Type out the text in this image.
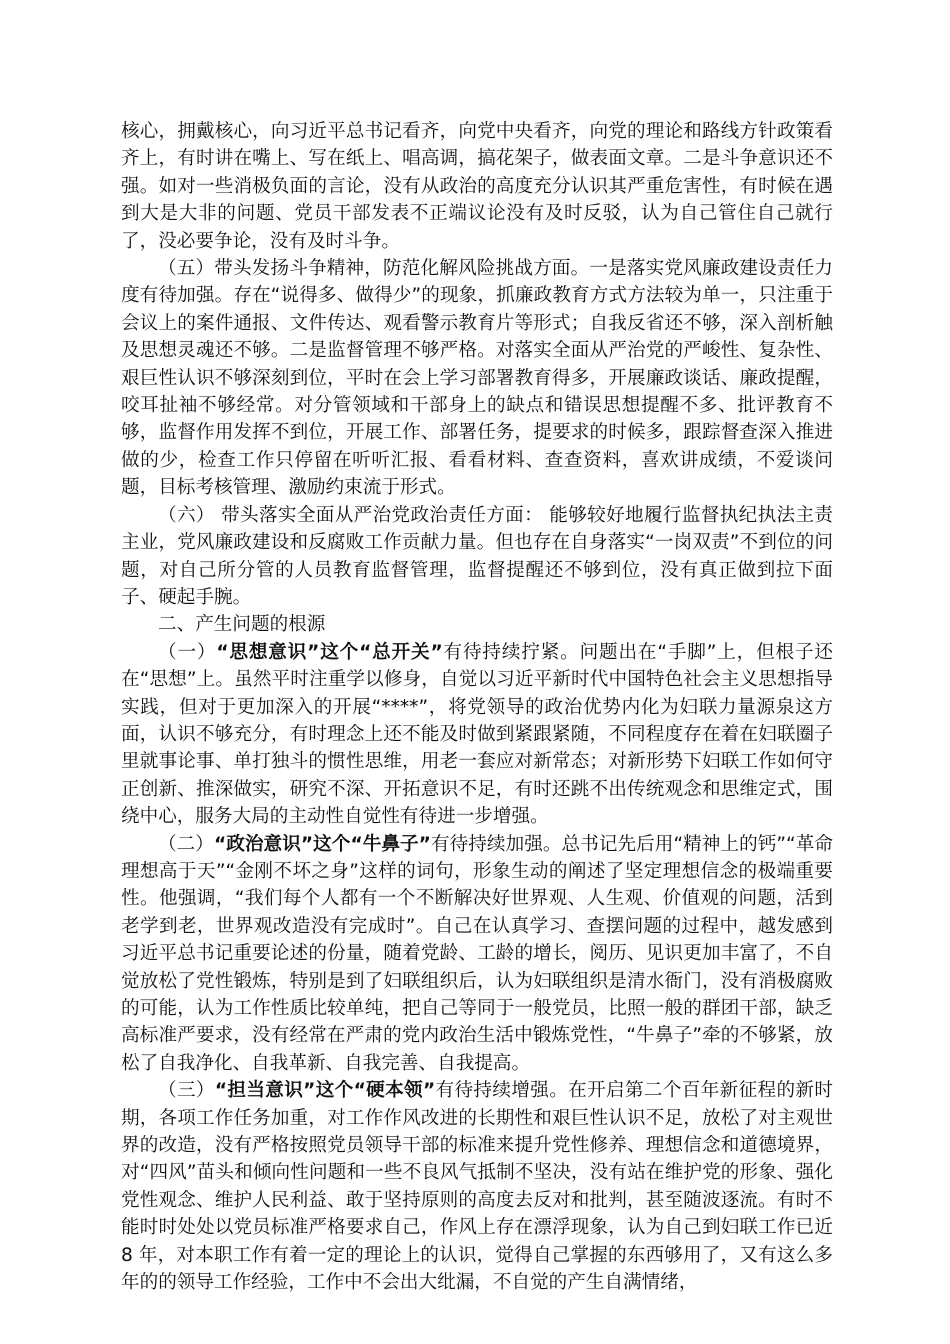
核心，拥戴核心，向习近平总书记看齐，向党中央看齐，向党的理论和路线方针政策看齐上，有时讲在嘴上、写在纸上、唱高调，搞花架子，做表面文章。二是斗争意识还不强。如对一些消极负面的言论，没有从政治的高度充分认识其严重危害性，有时候在遇到大是大非的问题、党员干部发表不正端议论没有及时反驳，认为自己管住自己就行了，没必要争论，没有及时斗争。

（五）带头发扬斗争精神，防范化解风险挑战方面。一是落实党风廉政建设责任力度有待加强。存在“说得多、做得少”的现象，抓廉政教育方式方法较为单一，只注重于会议上的案件通报、文件传达、观看警示教育片等形式；自我反省还不够，深入剖析触及思想灵魂还不够。二是监督管理不够严格。对落实全面从严治党的严峻性、复杂性、艰巨性认识不够深刻到位，平时在会上学习部署教育得多，开展廉政谈话、廉政提醒，咬耳扯袖不够经常。对分管领域和干部身上的缺点和错误思想提醒不多、批评教育不够，监督作用发挥不到位，开展工作、部署任务，提要求的时候多，跟踪督查深入推进做的少，检查工作只停留在听听汇报、看看材料、查查资料，喜欢讲成绩，不爱谈问题，目标考核管理、激励约束流于形式。

（六） 带头落实全面从严治党政治责任方面： 能够较好地履行监督执纪执法主责主业，党风廉政建设和反腐败工作贡献力量。但也存在自身落实“一岗双责”不到位的问题，对自己所分管的人员教育监督管理，监督提醒还不够到位，没有真正做到拉下面子、硬起手腕。

二、产生问题的根源

（一）“思想意识”这个“总开关”有待持续拧紧。问题出在“手脚”上，但根子还在“思想”上。虽然平时注重学以修身，自觉以习近平新时代中国特色社会主义思想指导实践，但对于更加深入的开展“****”，将党领导的政治优势内化为妇联力量源泉这方面，认识不够充分，有时理念上还不能及时做到紧跟紧随，不同程度存在着在妇联圈子里就事论事、单打独斗的惯性思维，用老一套应对新常态；对新形势下妇联工作如何守正创新、推深做实，研究不深、开拓意识不足，有时还跳不出传统观念和思维定式，围绕中心，服务大局的主动性自觉性有待进一步增强。

（二）“政治意识”这个“牛鼻子”有待持续加强。总书记先后用“精神上的钙”“革命理想高于天”“金刚不坏之身”这样的词句，形象生动的阐述了坚定理想信念的极端重要性。他强调，“我们每个人都有一个不断解决好世界观、人生观、价值观的问题，活到老学到老，世界观改造没有完成时”。自己在认真学习、查摆问题的过程中，越发感到习近平总书记重要论述的份量，随着党龄、工龄的增长，阅历、见识更加丰富了，不自觉放松了党性锻炼，特别是到了妇联组织后，认为妇联组织是清水衙门，没有消极腐败的可能，认为工作性质比较单纯，把自己等同于一般党员，比照一般的群团干部，缺乏高标准严要求，没有经常在严肃的党内政治生活中锻炼党性，“牛鼻子”牵的不够紧，放松了自我净化、自我革新、自我完善、自我提高。

（三）“担当意识”这个“硬本领”有待持续增强。在开启第二个百年新征程的新时期，各项工作任务加重，对工作作风改进的长期性和艰巨性认识不足，放松了对主观世界的改造，没有严格按照党员领导干部的标准来提升党性修养、理想信念和道德境界，对“四风”苗头和倾向性问题和一些不良风气抵制不坚决，没有站在维护党的形象、强化党性观念、维护人民利益、敢于坚持原则的高度去反对和批判，甚至随波逐流。有时不能时时处处以党员标准严格要求自己，作风上存在漂浮现象，认为自己到妇联工作已近 8 年，对本职工作有着一定的理论上的认识，觉得自己掌握的东西够用了，又有这么多年的的领导工作经验，工作中不会出大纰漏，不自觉的产生自满情绪，
